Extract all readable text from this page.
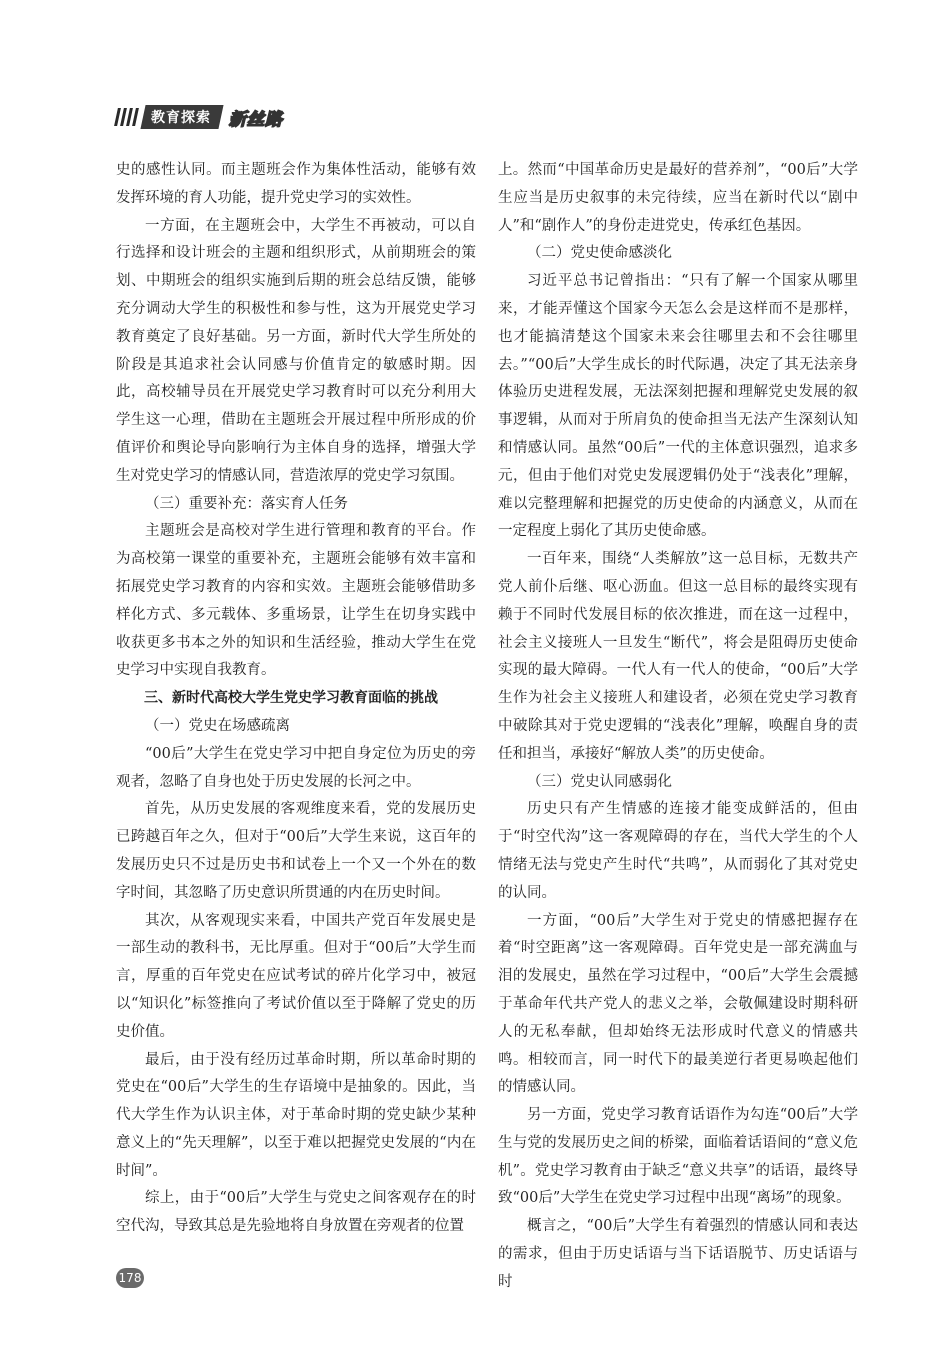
教育探索	新丝路

史的感性认同。而主题班会作为集体性活动，能够有效发挥环境的育人功能，提升党史学习的实效性。

一方面，在主题班会中，大学生不再被动，可以自行选择和设计班会的主题和组织形式，从前期班会的策划、中期班会的组织实施到后期的班会总结反馈，能够充分调动大学生的积极性和参与性，这为开展党史学习教育奠定了良好基础。另一方面，新时代大学生所处的阶段是其追求社会认同感与价值肯定的敏感时期。因此，高校辅导员在开展党史学习教育时可以充分利用大学生这一心理，借助在主题班会开展过程中所形成的价值评价和舆论导向影响行为主体自身的选择，增强大学生对党史学习的情感认同，营造浓厚的党史学习氛围。

（三）重要补充：落实育人任务

主题班会是高校对学生进行管理和教育的平台。作为高校第一课堂的重要补充，主题班会能够有效丰富和拓展党史学习教育的内容和实效。主题班会能够借助多样化方式、多元载体、多重场景，让学生在切身实践中收获更多书本之外的知识和生活经验，推动大学生在党史学习中实现自我教育。

三、新时代高校大学生党史学习教育面临的挑战

（一）党史在场感疏离

“00后”大学生在党史学习中把自身定位为历史的旁观者，忽略了自身也处于历史发展的长河之中。

首先，从历史发展的客观维度来看，党的发展历史已跨越百年之久，但对于“00后”大学生来说，这百年的发展历史只不过是历史书和试卷上一个又一个外在的数字时间，其忽略了历史意识所贯通的内在历史时间。

其次，从客观现实来看，中国共产党百年发展史是一部生动的教科书，无比厚重。但对于“00后”大学生而言，厚重的百年党史在应试考试的碎片化学习中，被冠以“知识化”标签推向了考试价值以至于降解了党史的历史价值。

最后，由于没有经历过革命时期，所以革命时期的党史在“00后”大学生的生存语境中是抽象的。因此，当代大学生作为认识主体，对于革命时期的党史缺少某种意义上的“先天理解”，以至于难以把握党史发展的“内在时间”。

综上，由于“00后”大学生与党史之间客观存在的时空代沟，导致其总是先验地将自身放置在旁观者的位置

上。然而“中国革命历史是最好的营养剂”，“00后”大学生应当是历史叙事的未完待续，应当在新时代以“剧中人”和“剧作人”的身份走进党史，传承红色基因。

（二）党史使命感淡化

习近平总书记曾指出：“只有了解一个国家从哪里来，才能弄懂这个国家今天怎么会是这样而不是那样，也才能搞清楚这个国家未来会往哪里去和不会往哪里去。”“00后”大学生成长的时代际遇，决定了其无法亲身体验历史进程发展，无法深刻把握和理解党史发展的叙事逻辑，从而对于所肩负的使命担当无法产生深刻认知和情感认同。虽然“00后”一代的主体意识强烈，追求多元，但由于他们对党史发展逻辑仍处于“浅表化”理解，难以完整理解和把握党的历史使命的内涵意义，从而在一定程度上弱化了其历史使命感。

一百年来，围绕“人类解放”这一总目标，无数共产党人前仆后继、呕心沥血。但这一总目标的最终实现有赖于不同时代发展目标的依次推进，而在这一过程中，社会主义接班人一旦发生“断代”，将会是阻碍历史使命实现的最大障碍。一代人有一代人的使命，“00后”大学生作为社会主义接班人和建设者，必须在党史学习教育中破除其对于党史逻辑的“浅表化”理解，唤醒自身的责任和担当，承接好“解放人类”的历史使命。

（三）党史认同感弱化

历史只有产生情感的连接才能变成鲜活的，但由于“时空代沟”这一客观障碍的存在，当代大学生的个人情绪无法与党史产生时代“共鸣”，从而弱化了其对党史的认同。

一方面，“00后”大学生对于党史的情感把握存在着“时空距离”这一客观障碍。百年党史是一部充满血与泪的发展史，虽然在学习过程中，“00后”大学生会震撼于革命年代共产党人的悲义之举，会敬佩建设时期科研人的无私奉献，但却始终无法形成时代意义的情感共鸣。相较而言，同一时代下的最美逆行者更易唤起他们的情感认同。

另一方面，党史学习教育话语作为勾连“00后”大学生与党的发展历史之间的桥梁，面临着话语间的“意义危机”。党史学习教育由于缺乏“意义共享”的话语，最终导致“00后”大学生在党史学习过程中出现“离场”的现象。

概言之，“00后”大学生有着强烈的情感认同和表达的需求，但由于历史话语与当下话语脱节、历史话语与时

178
